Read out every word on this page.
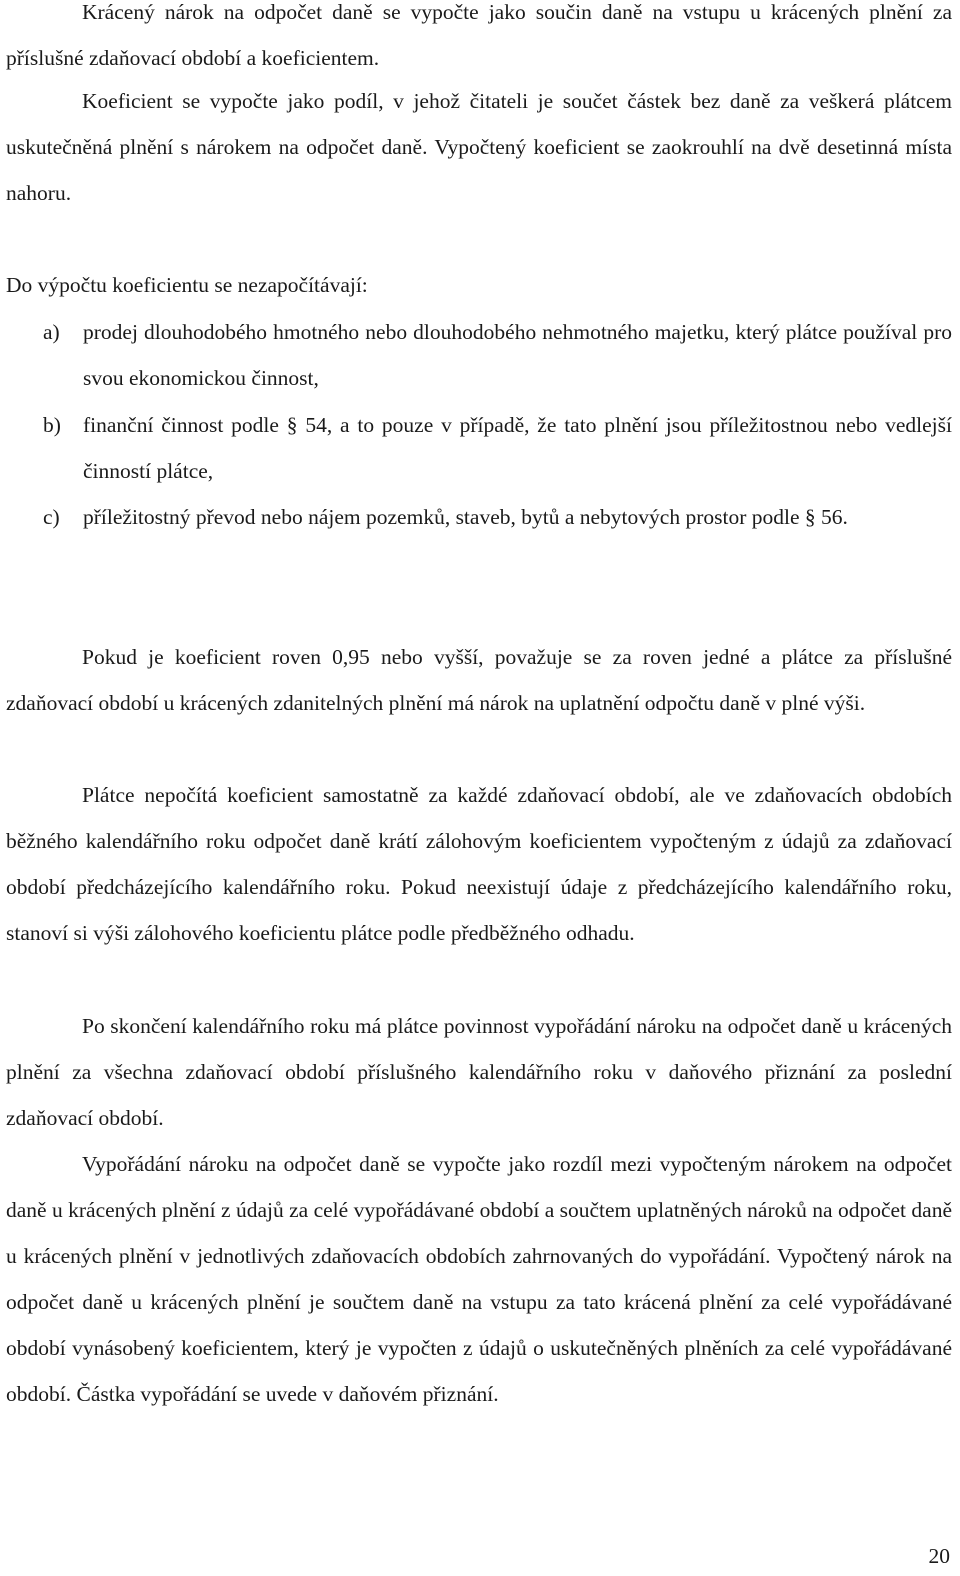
Krácený nárok na odpočet daně se vypočte jako součin daně na vstupu u krácených plnění za příslušné zdaňovací období a koeficientem.

Koeficient se vypočte jako podíl, v jehož čitateli je součet částek bez daně za veškerá plátcem uskutečněná plnění s nárokem na odpočet daně. Vypočtený koeficient se zaokrouhlí na dvě desetinná místa nahoru.

Do výpočtu koeficientu se nezapočítávají:

a) prodej dlouhodobého hmotného nebo dlouhodobého nehmotného majetku, který plátce používal pro svou ekonomickou činnost,
b) finanční činnost podle § 54, a to pouze v případě, že tato plnění jsou příležitostnou nebo vedlejší činností plátce,
c) příležitostný převod nebo nájem pozemků, staveb, bytů a nebytových prostor podle § 56.

Pokud je koeficient roven 0,95 nebo vyšší, považuje se za roven jedné a plátce za příslušné zdaňovací období u krácených zdanitelných plnění má nárok na uplatnění odpočtu daně v plné výši.

Plátce nepočítá koeficient samostatně za každé zdaňovací období, ale ve zdaňovacích obdobích běžného kalendářního roku odpočet daně krátí zálohovým koeficientem vypočteným z údajů za zdaňovací období předcházejícího kalendářního roku. Pokud neexistují údaje z předcházejícího kalendářního roku, stanoví si výši zálohového koeficientu plátce podle předběžného odhadu.

Po skončení kalendářního roku má plátce povinnost vypořádání nároku na odpočet daně u krácených plnění za všechna zdaňovací období příslušného kalendářního roku v daňového přiznání za poslední zdaňovací období.

Vypořádání nároku na odpočet daně se vypočte jako rozdíl mezi vypočteným nárokem na odpočet daně u krácených plnění z údajů za celé vypořádávané období a součtem uplatněných nároků na odpočet daně u krácených plnění v jednotlivých zdaňovacích obdobích zahrnovaných do vypořádání. Vypočtený nárok na odpočet daně u krácených plnění je součtem daně na vstupu za tato krácená plnění za celé vypořádávané období vynásobený koeficientem, který je vypočten z údajů o uskutečněných plněních za celé vypořádávané období. Částka vypořádání se uvede v daňovém přiznání.

20
